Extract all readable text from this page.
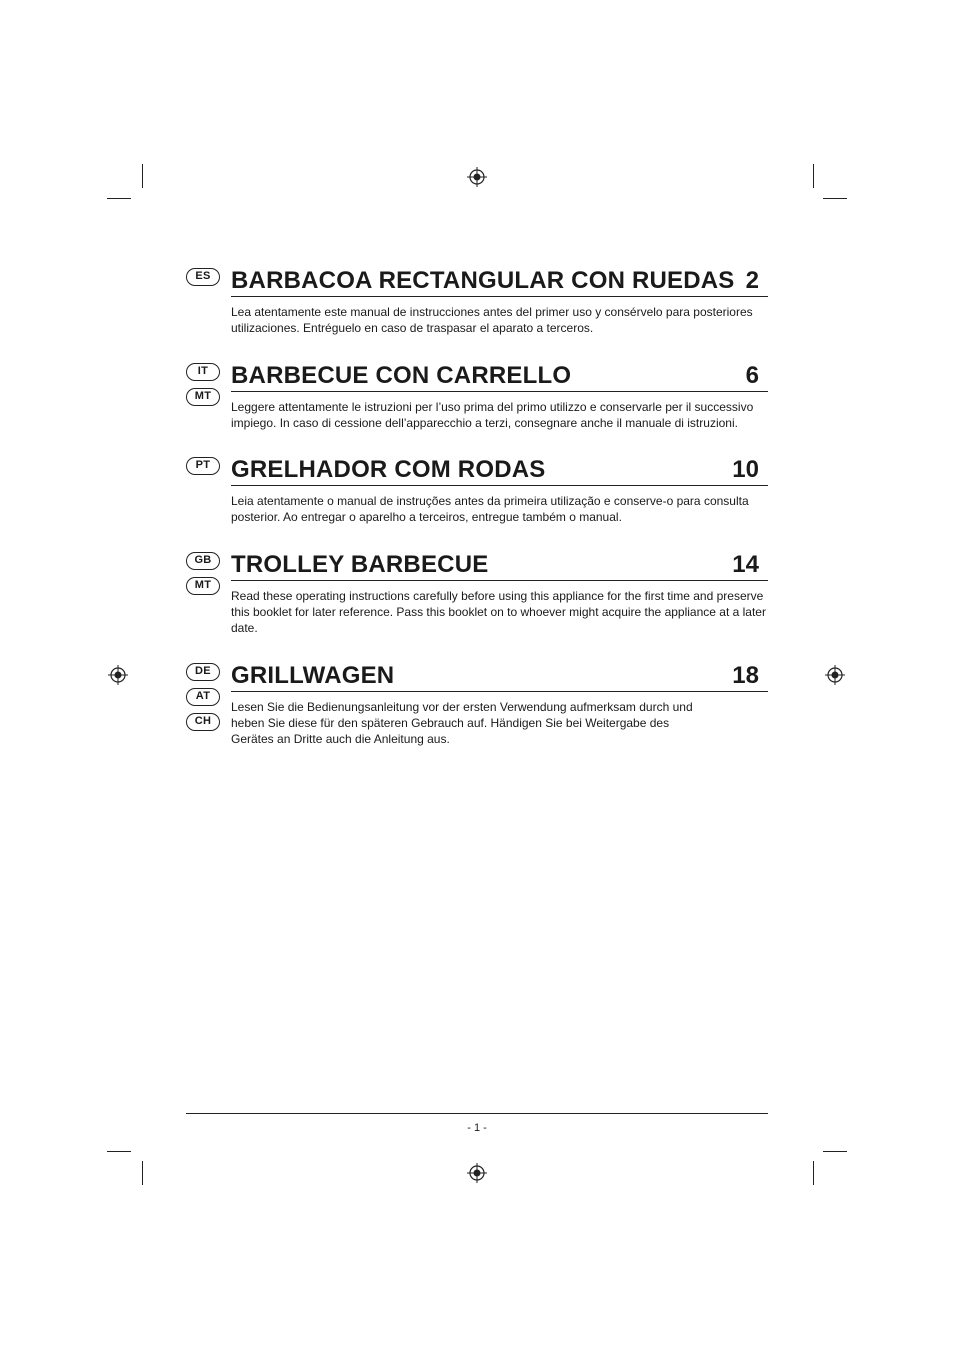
ES BARBACOA RECTANGULAR CON RUEDAS 2

Lea atentamente este manual de instrucciones antes del primer uso y consérvelo para posteriores utilizaciones. Entréguelo en caso de traspasar el aparato a terceros.

IT
MT
BARBECUE CON CARRELLO	6

Leggere attentamente le istruzioni per l’uso prima del primo utilizzo e conservarle per il successivo impiego. In caso di cessione dell’apparecchio a terzi, consegnare anche il manuale di istruzioni.

PT GRELHADOR COM RODAS	10

Leia atentamente o manual de instruções antes da primeira utilização e conserve-o para consulta posterior. Ao entregar o aparelho a terceiros, entregue também o manual.

GB
MT
TROLLEY BARBECUE	14

Read these operating instructions carefully before using this appliance for the first time and preserve this booklet for later reference. Pass this booklet on to whoever might acquire the appliance at a later date.

DE
AT
CH
GRILLWAGEN	18

Lesen Sie die Bedienungsanleitung vor der ersten Verwendung aufmerksam durch und heben Sie diese für den späteren Gebrauch auf. Händigen Sie bei Weitergabe des Gerätes an Dritte auch die Anleitung aus.

- 1 -
